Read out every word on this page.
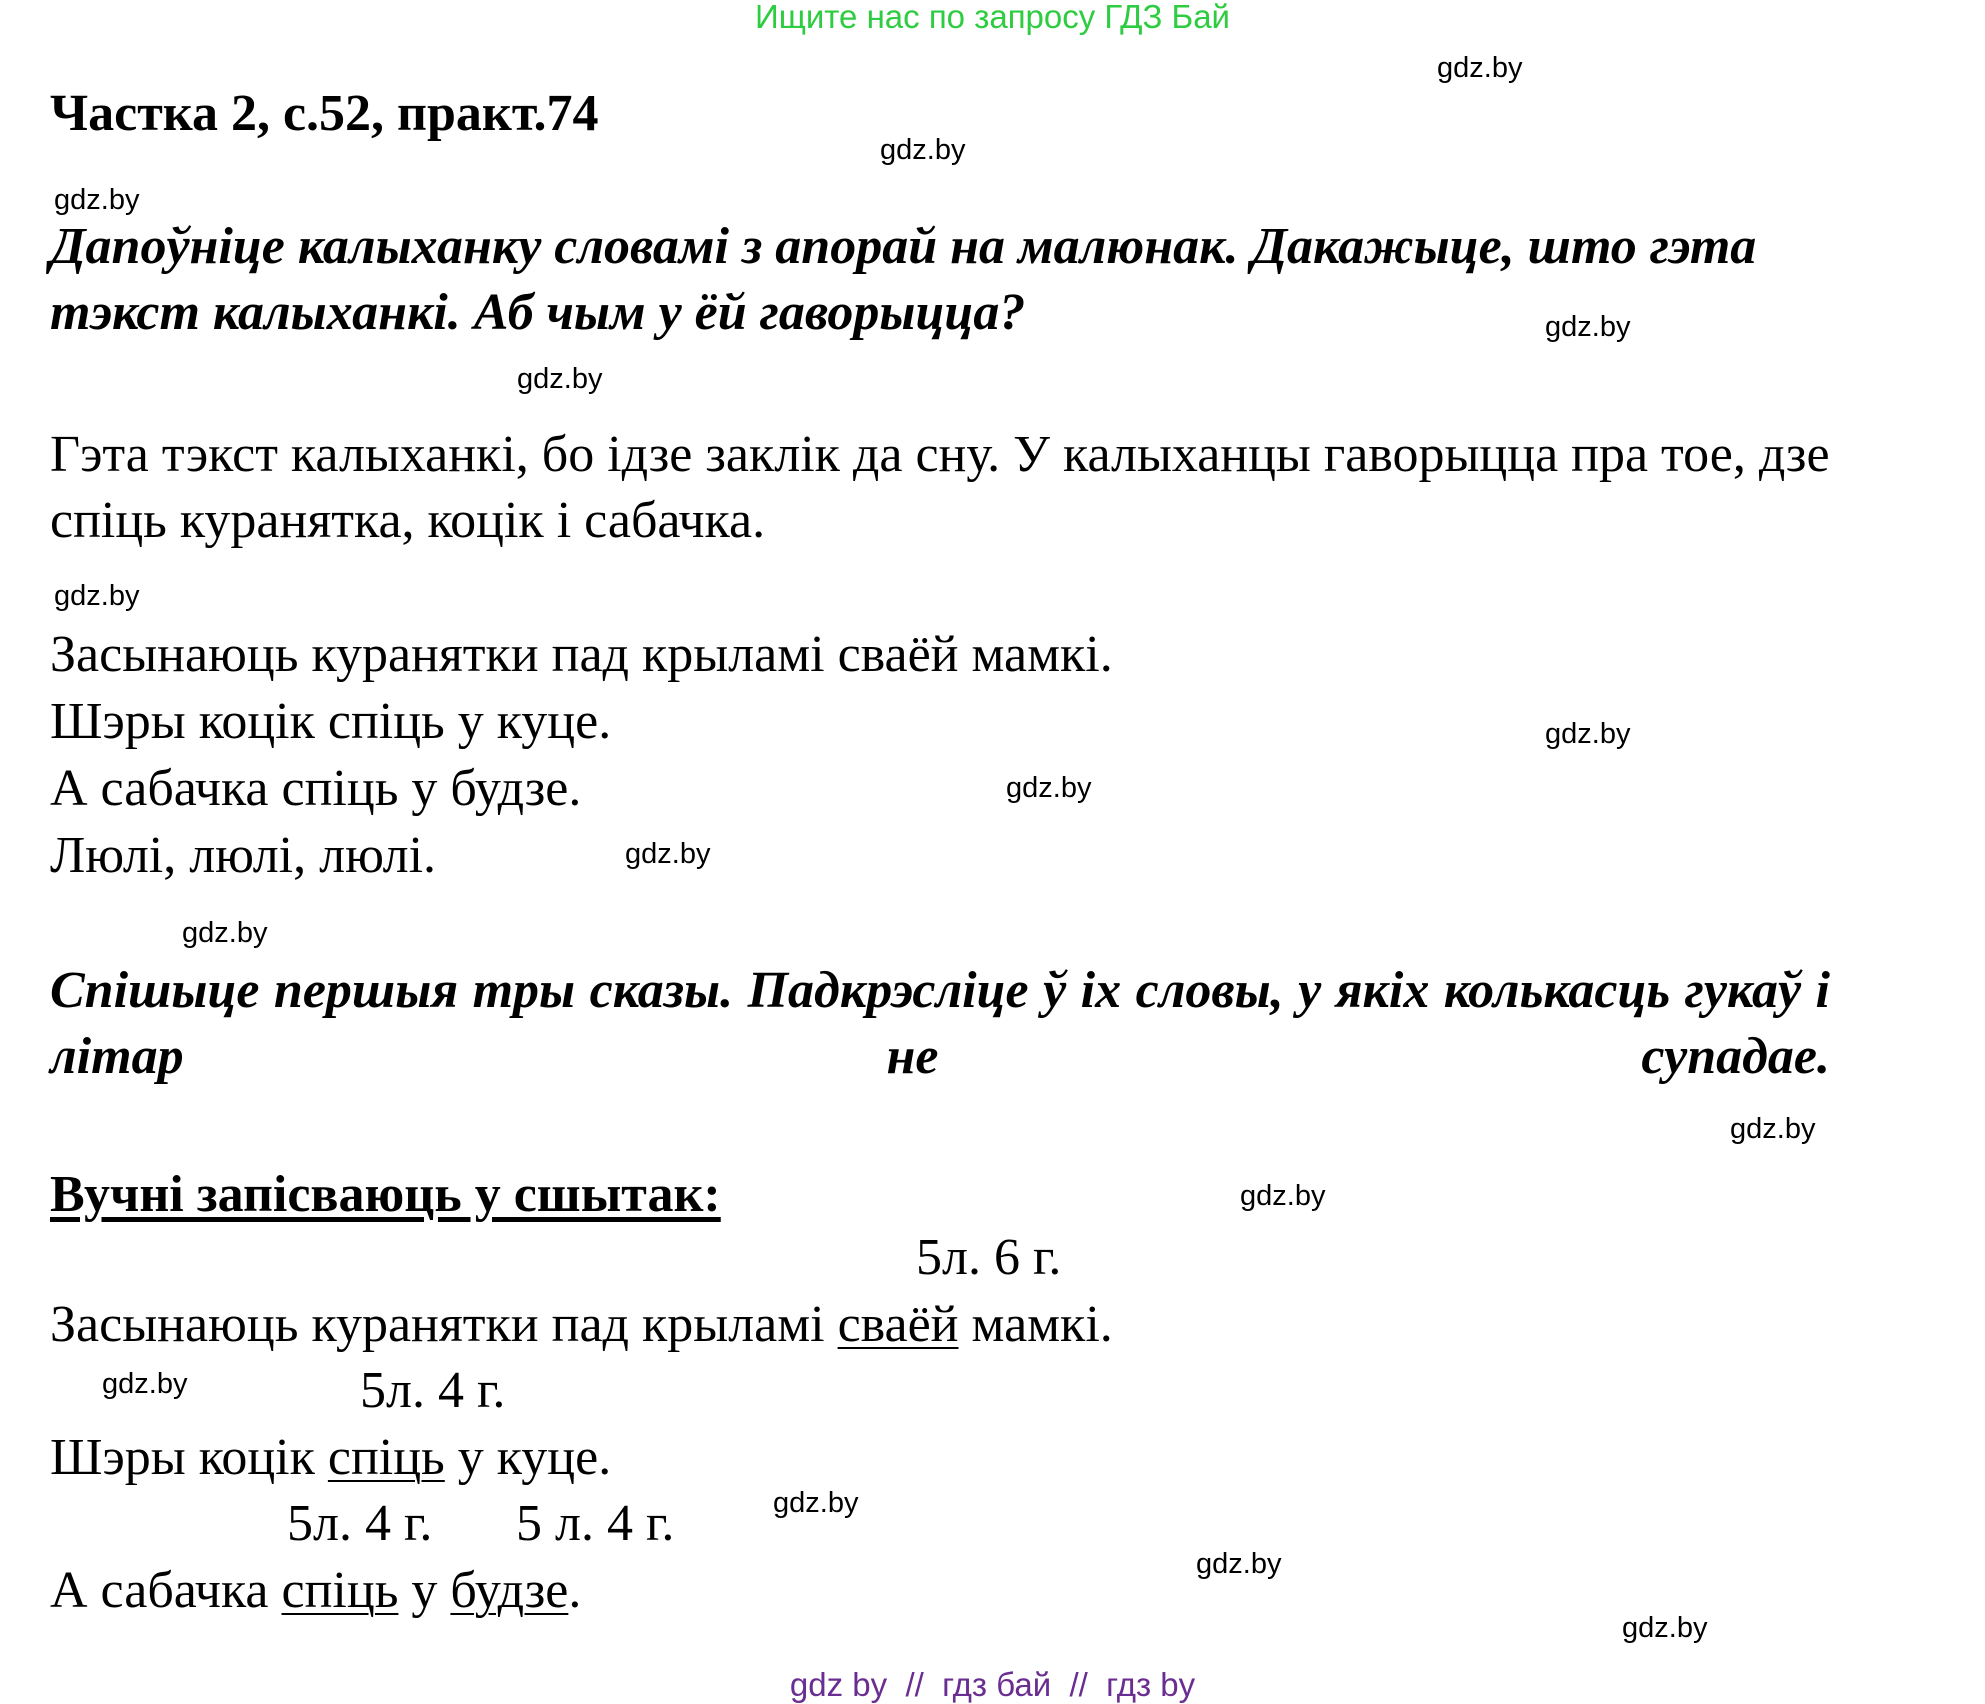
Ищите нас по запросу ГДЗ Бай
gdz.by
gdz.by
gdz.by
gdz.by
gdz.by
gdz.by
gdz.by
gdz.by
gdz.by
gdz.by
gdz.by
gdz.by
gdz.by
gdz.by
gdz.by
gdz.by
Частка 2, с.52, практ.74
Дапоўніце калыханку словамі з апорай на малюнак. Дакажыце, што гэта тэкст калыханкі. Аб чым у ёй гаворыцца?
Гэта тэкст калыханкі, бо ідзе заклік да сну. У калыханцы гаворыцца пра тое, дзе спіць куранятка, коцік і сабачка.
Засынаюць куранятки пад крыламі сваёй мамкі.
Шэры коцік спіць у куце.
А сабачка спіць у будзе.
Люлі, люлі, люлі.
Спішыце першыя тры сказы. Падкрэсліце ў іх словы, у якіх колькасць гукаў і літар не супадае.
Вучні запісваюць у сшытак:
5л. 6 г.
Засынаюць куранятки пад крыламі сваёй мамкі.
5л. 4 г.
Шэры коцік спіць у куце.
5л. 4 г. 5 л. 4 г.
А сабачка спіць у будзе.
gdz by  //  гдз бай  //  гдз by
